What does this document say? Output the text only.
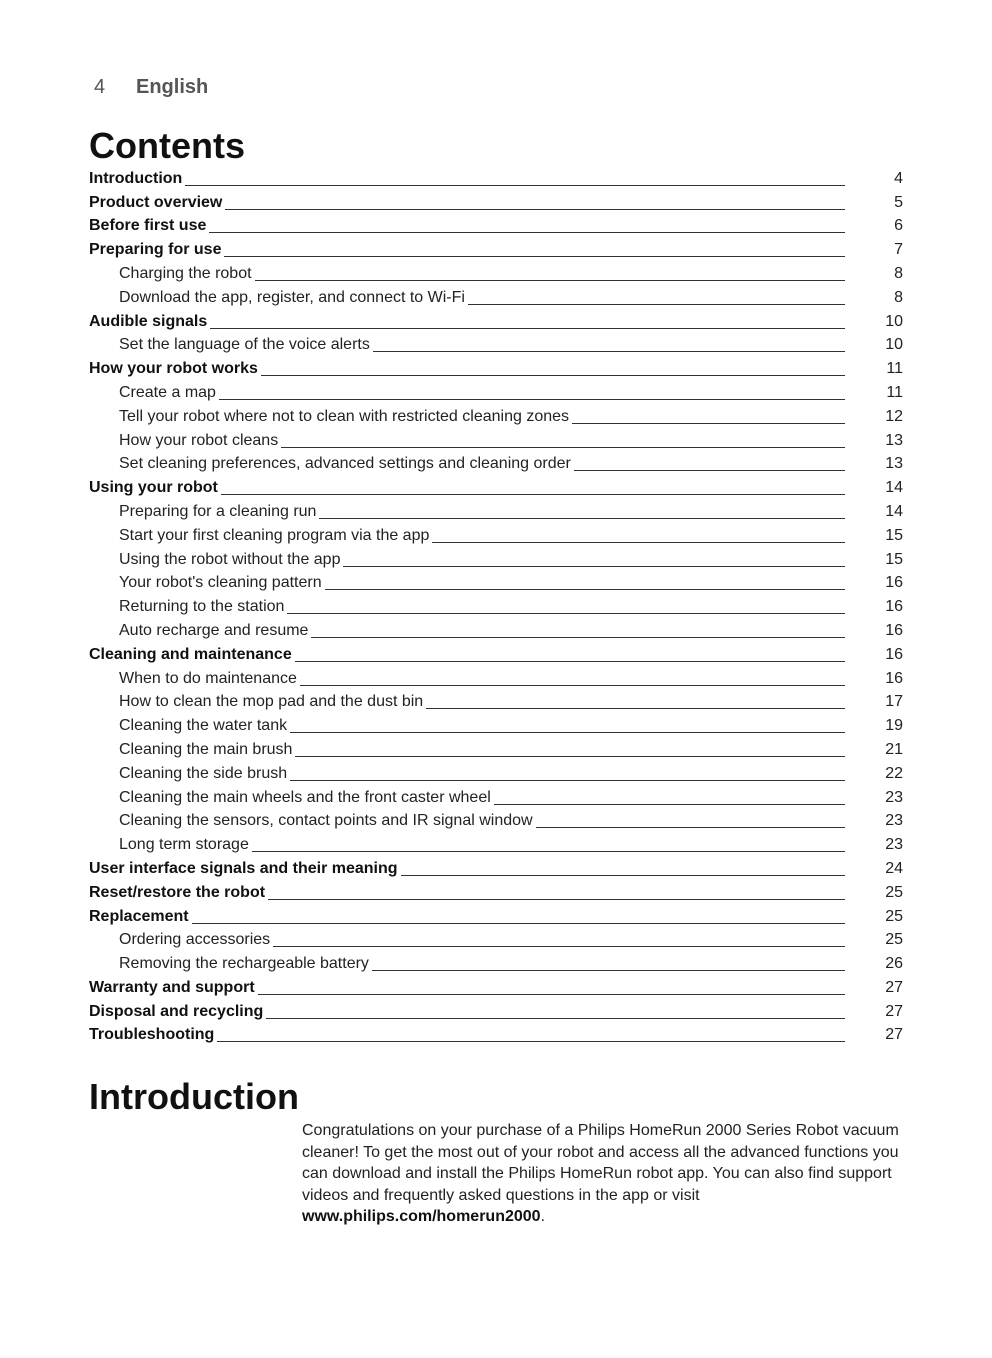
4	English
Contents
Introduction	4
Product overview	5
Before first use	6
Preparing for use	7
Charging the robot	8
Download the app, register, and connect to Wi-Fi	8
Audible signals	10
Set the language of the voice alerts	10
How your robot works	11
Create a map	11
Tell your robot where not to clean with restricted cleaning zones	12
How your robot cleans	13
Set cleaning preferences, advanced settings and cleaning order	13
Using your robot	14
Preparing for a cleaning run	14
Start your first cleaning program via the app	15
Using the robot without the app	15
Your robot's cleaning pattern	16
Returning to the station	16
Auto recharge and resume	16
Cleaning and maintenance	16
When to do maintenance	16
How to clean the mop pad and the dust bin	17
Cleaning the water tank	19
Cleaning the main brush	21
Cleaning the side brush	22
Cleaning the main wheels and the front caster wheel	23
Cleaning the sensors, contact points and IR signal window	23
Long term storage	23
User interface signals and their meaning	24
Reset/restore the robot	25
Replacement	25
Ordering accessories	25
Removing the rechargeable battery	26
Warranty and support	27
Disposal and recycling	27
Troubleshooting	27
Introduction

Congratulations on your purchase of a Philips HomeRun 2000 Series Robot vacuum cleaner! To get the most out of your robot and access all the advanced functions you can download and install the Philips HomeRun robot app. You can also find support videos and frequently asked questions in the app or visit www.philips.com/homerun2000.
